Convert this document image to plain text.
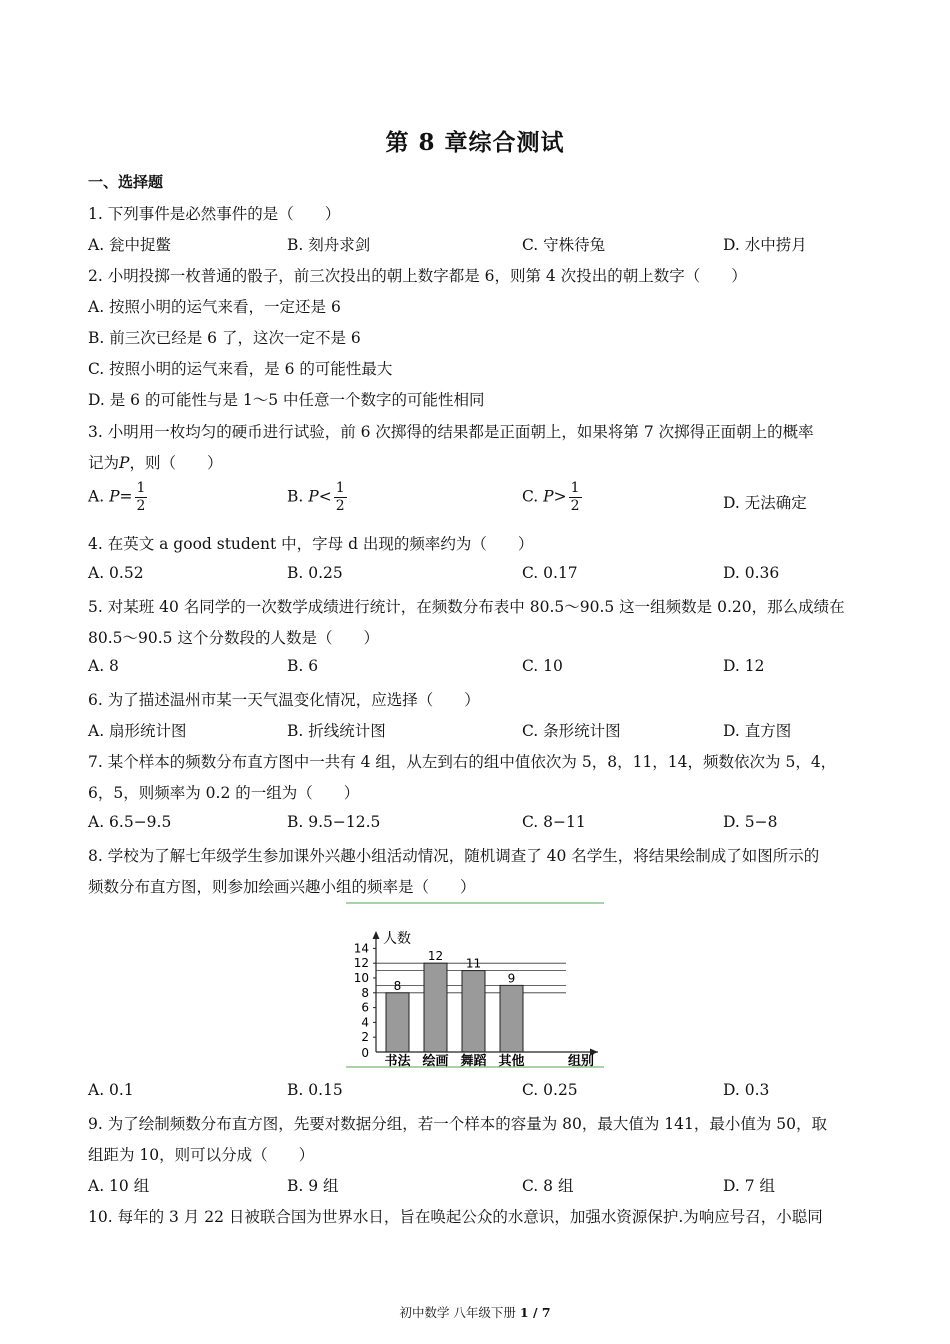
第 8 章综合测试
一、选择题
1. 下列事件是必然事件的是（　　）
A. 瓮中捉鳖	B. 刻舟求剑	C. 守株待兔	D. 水中捞月
2. 小明投掷一枚普通的骰子，前三次投出的朝上数字都是 6，则第 4 次投出的朝上数字（　　）
A. 按照小明的运气来看，一定还是 6
B. 前三次已经是 6 了，这次一定不是 6
C. 按照小明的运气来看，是 6 的可能性最大
D. 是 6 的可能性与是 1～5 中任意一个数字的可能性相同
3. 小明用一枚均匀的硬币进行试验，前 6 次掷得的结果都是正面朝上，如果将第 7 次掷得正面朝上的概率
记为P，则（　　）
A. $P= \frac{1}{2}$	B. $P< \frac{1}{2}$	C. $P> \frac{1}{2}$	D. 无法确定
4. 在英文 a good student 中，字母 d 出现的频率约为（　　）
A. 0.52	B. 0.25	C. 0.17	D. 0.36
5. 对某班 40 名同学的一次数学成绩进行统计，在频数分布表中 80.5～90.5 这一组频数是 0.20，那么成绩在
80.5～90.5 这个分数段的人数是（　　）
A. 8	B. 6	C. 10	D. 12
6. 为了描述温州市某一天气温变化情况，应选择（　　）
A. 扇形统计图	B. 折线统计图	C. 条形统计图	D. 直方图
7. 某个样本的频数分布直方图中一共有 4 组，从左到右的组中值依次为 5，8，11，14，频数依次为 5，4，
6，5，则频率为 0.2 的一组为（　　）
A. 6.5−9.5	B. 9.5−12.5	C. 8−11	D. 5−8
8. 学校为了解七年级学生参加课外兴趣小组活动情况，随机调查了 40 名学生，将结果绘制成了如图所示的
频数分布直方图，则参加绘画兴趣小组的频率是（　　）
8
书法
12
绘画
11
舞蹈
9
其他
0
2
4
6
8
10
12
14
人数
组别
A. 0.1	B. 0.15	C. 0.25	D. 0.3
9. 为了绘制频数分布直方图，先要对数据分组，若一个样本的容量为 80，最大值为 141，最小值为 50，取
组距为 10，则可以分成（　　）
A. 10 组	B. 9 组	C. 8 组	D. 7 组
10. 每年的 3 月 22 日被联合国为世界水日，旨在唤起公众的水意识，加强水资源保护.为响应号召，小聪同
初中数学 八年级下册 1 / 7
